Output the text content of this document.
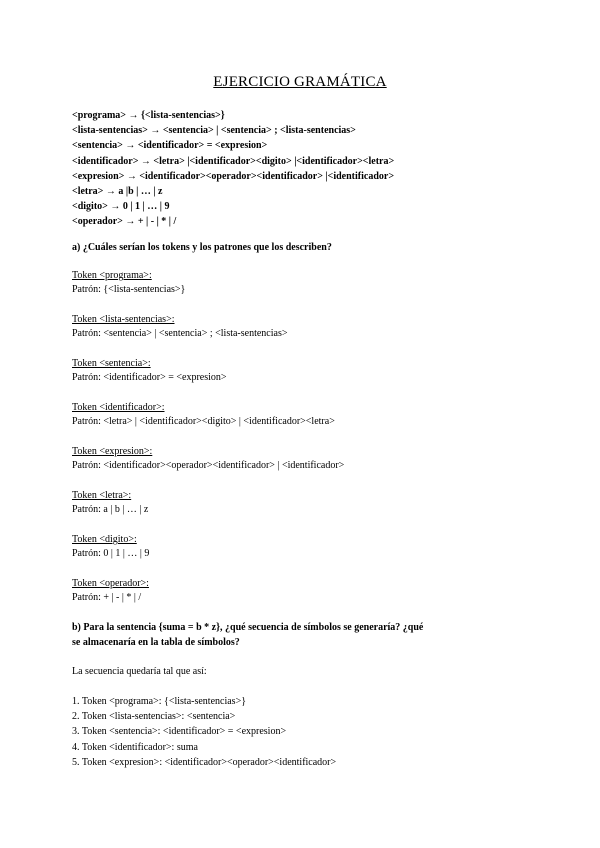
EJERCICIO GRAMÁTICA
<programa> → {<lista-sentencias>}
<lista-sentencias> → <sentencia> | <sentencia> ; <lista-sentencias>
<sentencia> → <identificador> = <expresion>
<identificador> → <letra> |<identificador><digito> |<identificador><letra>
<expresion> → <identificador><operador><identificador> |<identificador>
<letra> → a |b | … | z
<digito> → 0 | 1 | … | 9
<operador> → + | - | * | /
a) ¿Cuáles serían los tokens y los patrones que los describen?
Token <programa>:
Patrón: {<lista-sentencias>}
Token <lista-sentencias>:
Patrón: <sentencia> | <sentencia> ; <lista-sentencias>
Token <sentencia>:
Patrón: <identificador> = <expresion>
Token <identificador>:
Patrón: <letra> | <identificador><digito> | <identificador><letra>
Token <expresion>:
Patrón: <identificador><operador><identificador> | <identificador>
Token <letra>:
Patrón: a | b | … | z
Token <digito>:
Patrón: 0 | 1 | … | 9
Token <operador>:
Patrón: + | - | * | /
b) Para la sentencia {suma = b * z}, ¿qué secuencia de símbolos se generaría? ¿qué
se almacenaría en la tabla de símbolos?
La secuencia quedaría tal que así:
1. Token <programa>: {<lista-sentencias>}
2. Token <lista-sentencias>: <sentencia>
3. Token <sentencia>: <identificador> = <expresion>
4. Token <identificador>: suma
5. Token <expresion>: <identificador><operador><identificador>
